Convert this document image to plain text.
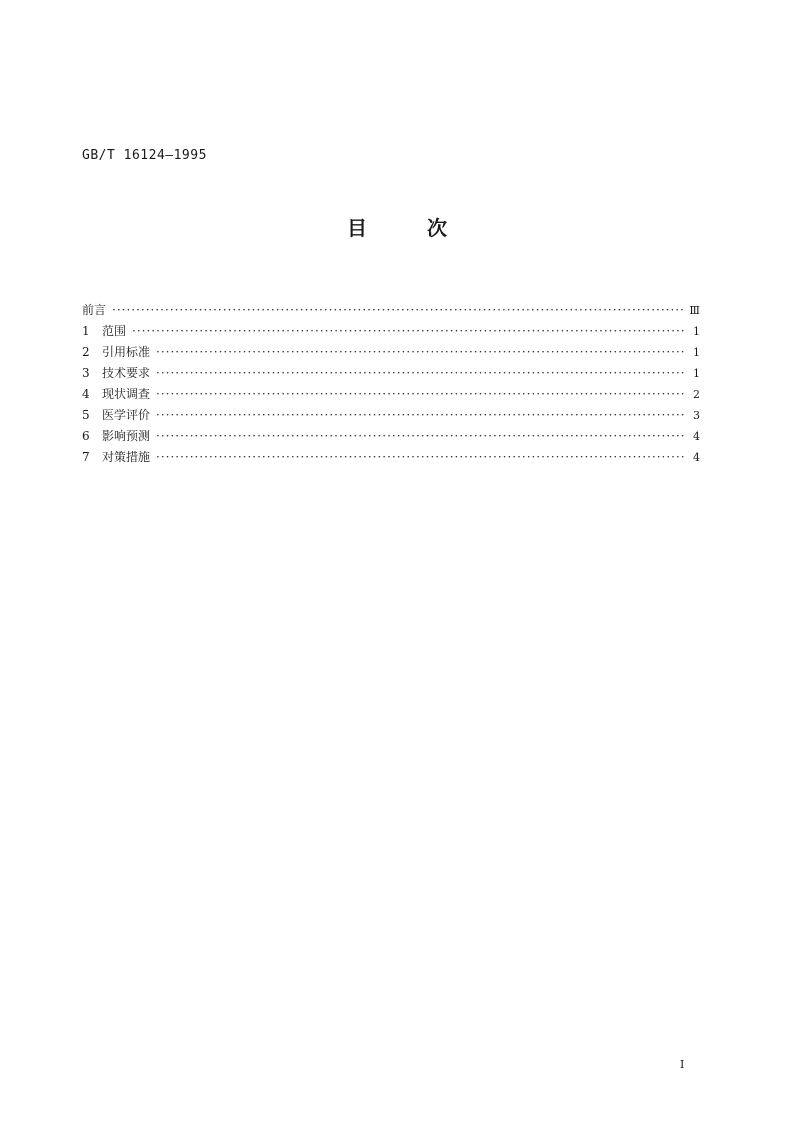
GB/T 16124—1995
目	次
前言 ·····	Ⅲ
1	范围 ·····	1
2	引用标准 ·····	1
3	技术要求 ·····	1
4	现状调查 ·····	2
5	医学评价 ·····	3
6	影响预测 ·····	4
7	对策措施 ·····	4
I
